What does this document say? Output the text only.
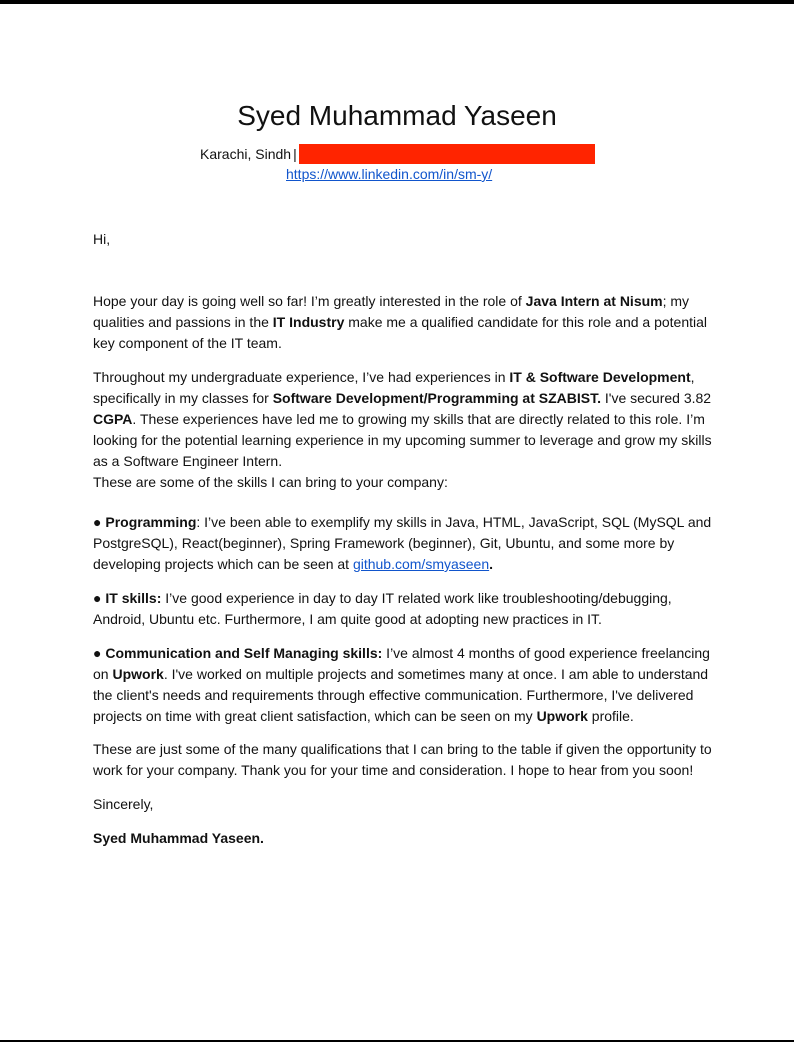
Syed Muhammad Yaseen
Karachi, Sindh |
https://www.linkedin.com/in/sm-y/

Hi,

Hope your day is going well so far! I’m greatly interested in the role of Java Intern at Nisum; my qualities and passions in the IT Industry make me a qualified candidate for this role and a potential key component of the IT team.

Throughout my undergraduate experience, I’ve had experiences in IT & Software Development, specifically in my classes for Software Development/Programming at SZABIST. I've secured 3.82 CGPA. These experiences have led me to growing my skills that are directly related to this role. I’m looking for the potential learning experience in my upcoming summer to leverage and grow my skills as a Software Engineer Intern.

These are some of the skills I can bring to your company:

● Programming: I’ve been able to exemplify my skills in Java, HTML, JavaScript, SQL (MySQL and PostgreSQL), React(beginner), Spring Framework (beginner), Git, Ubuntu, and some more by developing projects which can be seen at github.com/smyaseen.

● IT skills: I’ve good experience in day to day IT related work like troubleshooting/debugging, Android, Ubuntu etc. Furthermore, I am quite good at adopting new practices in IT.

● Communication and Self Managing skills: I’ve almost 4 months of good experience freelancing on Upwork. I've worked on multiple projects and sometimes many at once. I am able to understand the client's needs and requirements through effective communication. Furthermore, I've delivered projects on time with great client satisfaction, which can be seen on my Upwork profile.

These are just some of the many qualifications that I can bring to the table if given the opportunity to work for your company. Thank you for your time and consideration. I hope to hear from you soon!

Sincerely,

Syed Muhammad Yaseen.
